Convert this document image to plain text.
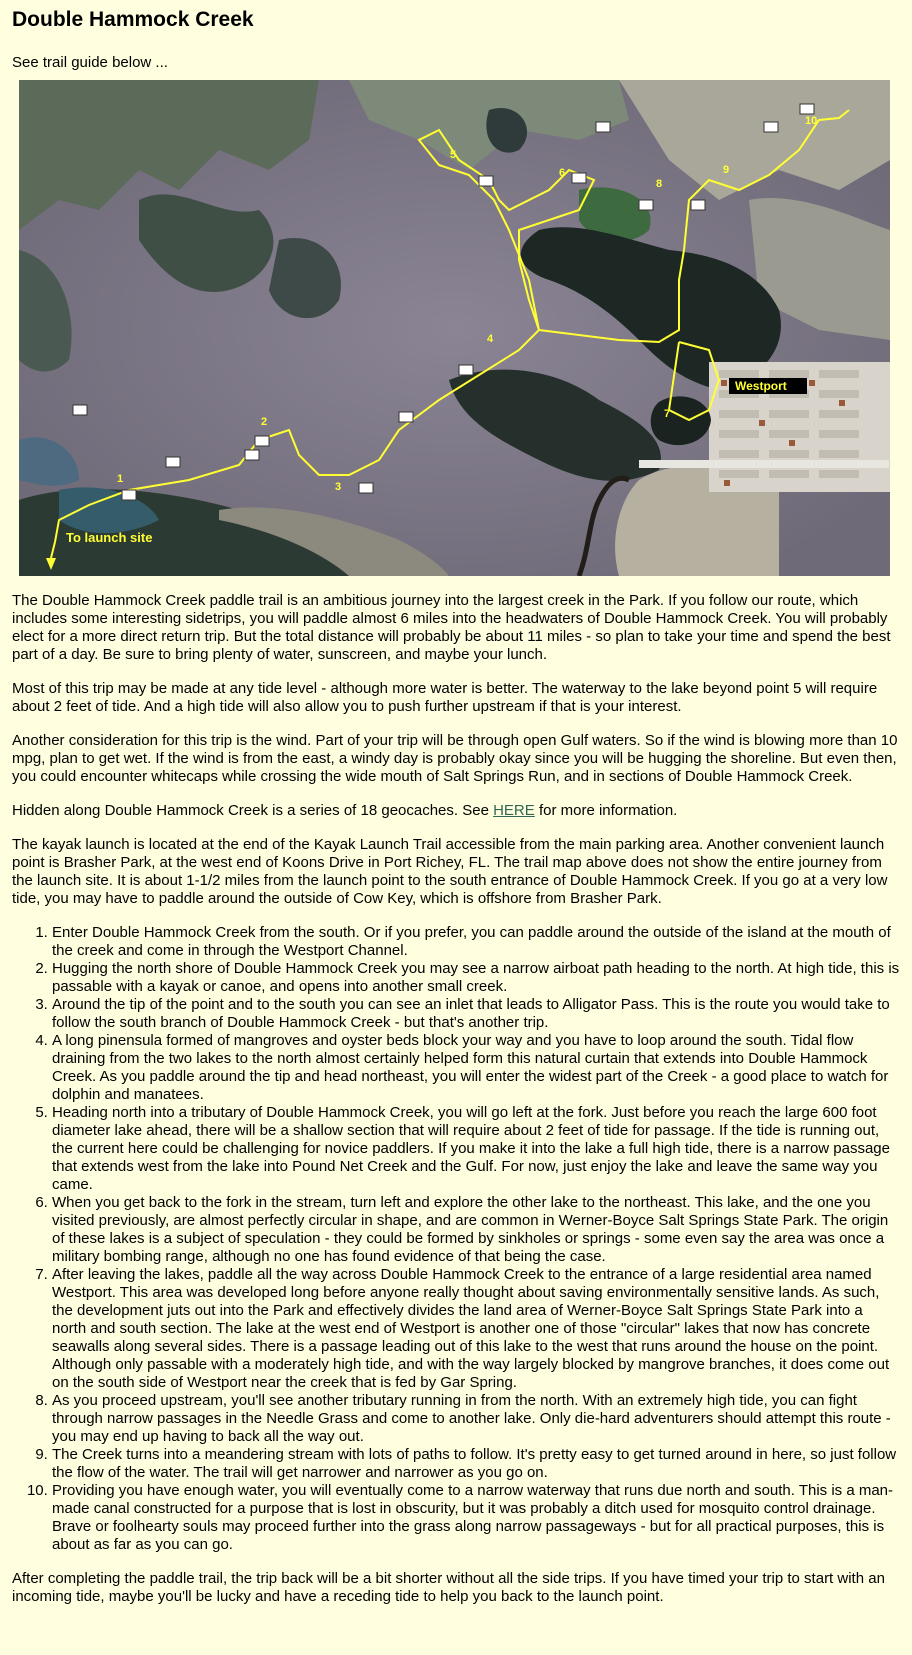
Double Hammock Creek

See trail guide below ...

1
2
3
4
5
6
7
8
9
10
Westport
To launch site

The Double Hammock Creek paddle trail is an ambitious journey into the largest creek in the Park. If you follow our route, which includes some interesting sidetrips, you will paddle almost 6 miles into the headwaters of Double Hammock Creek. You will probably elect for a more direct return trip. But the total distance will probably be about 11 miles - so plan to take your time and spend the best part of a day. Be sure to bring plenty of water, sunscreen, and maybe your lunch.

Most of this trip may be made at any tide level - although more water is better. The waterway to the lake beyond point 5 will require about 2 feet of tide. And a high tide will also allow you to push further upstream if that is your interest.

Another consideration for this trip is the wind. Part of your trip will be through open Gulf waters. So if the wind is blowing more than 10 mpg, plan to get wet. If the wind is from the east, a windy day is probably okay since you will be hugging the shoreline. But even then, you could encounter whitecaps while crossing the wide mouth of Salt Springs Run, and in sections of Double Hammock Creek.

Hidden along Double Hammock Creek is a series of 18 geocaches. See HERE for more information.

The kayak launch is located at the end of the Kayak Launch Trail accessible from the main parking area. Another convenient launch point is Brasher Park, at the west end of Koons Drive in Port Richey, FL. The trail map above does not show the entire journey from the launch site. It is about 1-1/2 miles from the launch point to the south entrance of Double Hammock Creek. If you go at a very low tide, you may have to paddle around the outside of Cow Key, which is offshore from Brasher Park.

1. Enter Double Hammock Creek from the south. Or if you prefer, you can paddle around the outside of the island at the mouth of the creek and come in through the Westport Channel.
2. Hugging the north shore of Double Hammock Creek you may see a narrow airboat path heading to the north. At high tide, this is passable with a kayak or canoe, and opens into another small creek.
3. Around the tip of the point and to the south you can see an inlet that leads to Alligator Pass. This is the route you would take to follow the south branch of Double Hammock Creek - but that's another trip.
4. A long pinensula formed of mangroves and oyster beds block your way and you have to loop around the south. Tidal flow draining from the two lakes to the north almost certainly helped form this natural curtain that extends into Double Hammock Creek. As you paddle around the tip and head northeast, you will enter the widest part of the Creek - a good place to watch for dolphin and manatees.
5. Heading north into a tributary of Double Hammock Creek, you will go left at the fork. Just before you reach the large 600 foot diameter lake ahead, there will be a shallow section that will require about 2 feet of tide for passage. If the tide is running out, the current here could be challenging for novice paddlers. If you make it into the lake a full high tide, there is a narrow passage that extends west from the lake into Pound Net Creek and the Gulf. For now, just enjoy the lake and leave the same way you came.
6. When you get back to the fork in the stream, turn left and explore the other lake to the northeast. This lake, and the one you visited previously, are almost perfectly circular in shape, and are common in Werner-Boyce Salt Springs State Park. The origin of these lakes is a subject of speculation - they could be formed by sinkholes or springs - some even say the area was once a military bombing range, although no one has found evidence of that being the case.
7. After leaving the lakes, paddle all the way across Double Hammock Creek to the entrance of a large residential area named Westport. This area was developed long before anyone really thought about saving environmentally sensitive lands. As such, the development juts out into the Park and effectively divides the land area of Werner-Boyce Salt Springs State Park into a north and south section. The lake at the west end of Westport is another one of those "circular" lakes that now has concrete seawalls along several sides. There is a passage leading out of this lake to the west that runs around the house on the point. Although only passable with a moderately high tide, and with the way largely blocked by mangrove branches, it does come out on the south side of Westport near the creek that is fed by Gar Spring.
8. As you proceed upstream, you'll see another tributary running in from the north. With an extremely high tide, you can fight through narrow passages in the Needle Grass and come to another lake. Only die-hard adventurers should attempt this route - you may end up having to back all the way out.
9. The Creek turns into a meandering stream with lots of paths to follow. It's pretty easy to get turned around in here, so just follow the flow of the water. The trail will get narrower and narrower as you go on.
10. Providing you have enough water, you will eventually come to a narrow waterway that runs due north and south. This is a man-made canal constructed for a purpose that is lost in obscurity, but it was probably a ditch used for mosquito control drainage. Brave or foolhearty souls may proceed further into the grass along narrow passageways - but for all practical purposes, this is about as far as you can go.

After completing the paddle trail, the trip back will be a bit shorter without all the side trips. If you have timed your trip to start with an incoming tide, maybe you'll be lucky and have a receding tide to help you back to the launch point.
